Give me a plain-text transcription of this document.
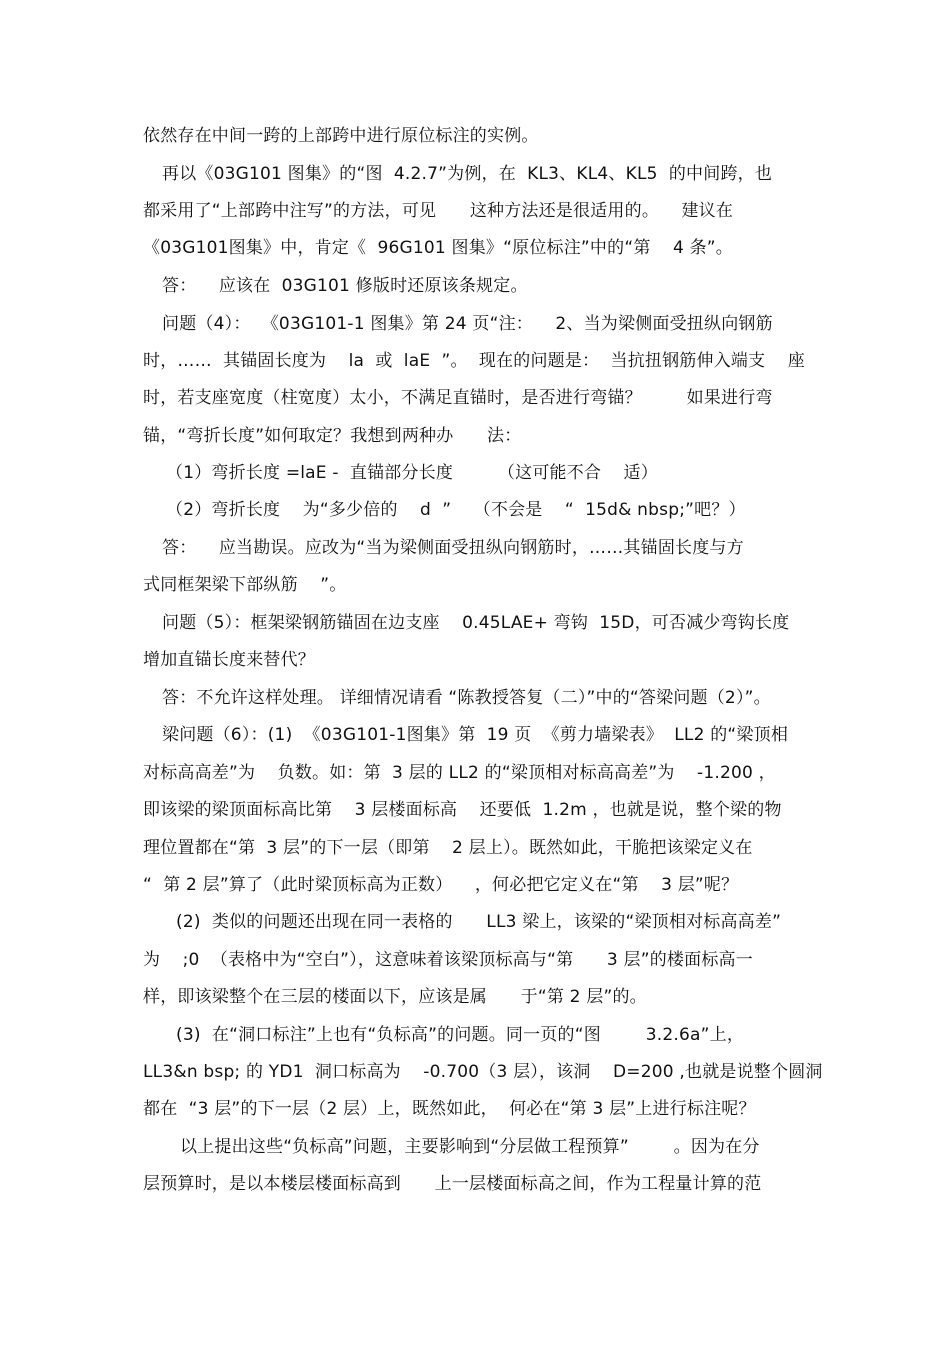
依然存在中间一跨的上部跨中进行原位标注的实例。
再以《03G101 图集》的“图  4.2.7”为例，在  KL3、KL4、KL5  的中间跨，也
都采用了“上部跨中注写”的方法，可见      这种方法还是很适用的。    建议在
《03G101图集》中，肯定《  96G101 图集》“原位标注”中的“第    4 条”。
答：    应该在  03G101 修版时还原该条规定。
问题（4）：  《03G101-1 图集》第 24 页“注：    2、当为梁侧面受扭纵向钢筋
时，……  其锚固长度为    la  或  laE  ”。  现在的问题是：  当抗扭钢筋伸入端支    座
时，若支座宽度（柱宽度）太小，不满足直锚时，是否进行弯锚？        如果进行弯
锚，“弯折长度”如何取定？我想到两种办      法：
（1）弯折长度 =laE -  直锚部分长度        （这可能不合    适）
（2）弯折长度    为“多少倍的    d  ”    （不会是    “  15d& nbsp;”吧？）
答：    应当勘误。应改为“当为梁侧面受扭纵向钢筋时，……其锚固长度与方
式同框架梁下部纵筋    ”。
问题（5）：框架梁钢筋锚固在边支座    0.45LAE+ 弯钩  15D，可否减少弯钩长度
增加直锚长度来替代？
答：不允许这样处理。 详细情况请看 “陈教授答复（二）”中的“答梁问题（2）”。
梁问题（6）：(1)  《03G101-1图集》第  19 页  《剪力墙梁表》  LL2 的“梁顶相
对标高高差”为    负数。如：第  3 层的 LL2 的“梁顶相对标高高差”为    -1.200 ，
即该梁的梁顶面标高比第    3 层楼面标高    还要低  1.2m ，也就是说，整个梁的物
理位置都在“第  3 层”的下一层（即第    2 层上）。既然如此，干脆把该梁定义在
“  第 2 层”算了（此时梁顶标高为正数）    ，何必把它定义在“第    3 层”呢？
(2)  类似的问题还出现在同一表格的      LL3 梁上，该梁的“梁顶相对标高高差”
为    ;0  （表格中为“空白”），这意味着该梁顶标高与“第      3 层”的楼面标高一
样，即该梁整个在三层的楼面以下，应该是属      于“第 2 层”的。
(3)  在“洞口标注”上也有“负标高”的问题。同一页的“图        3.2.6a”上，
LL3&n bsp; 的 YD1  洞口标高为    -0.700（3 层），该洞    D=200 ,也就是说整个圆洞
都在  “3 层”的下一层（2 层）上，既然如此，  何必在“第 3 层”上进行标注呢？
以上提出这些“负标高”问题，主要影响到“分层做工程预算”        。因为在分
层预算时，是以本楼层楼面标高到      上一层楼面标高之间，作为工程量计算的范
